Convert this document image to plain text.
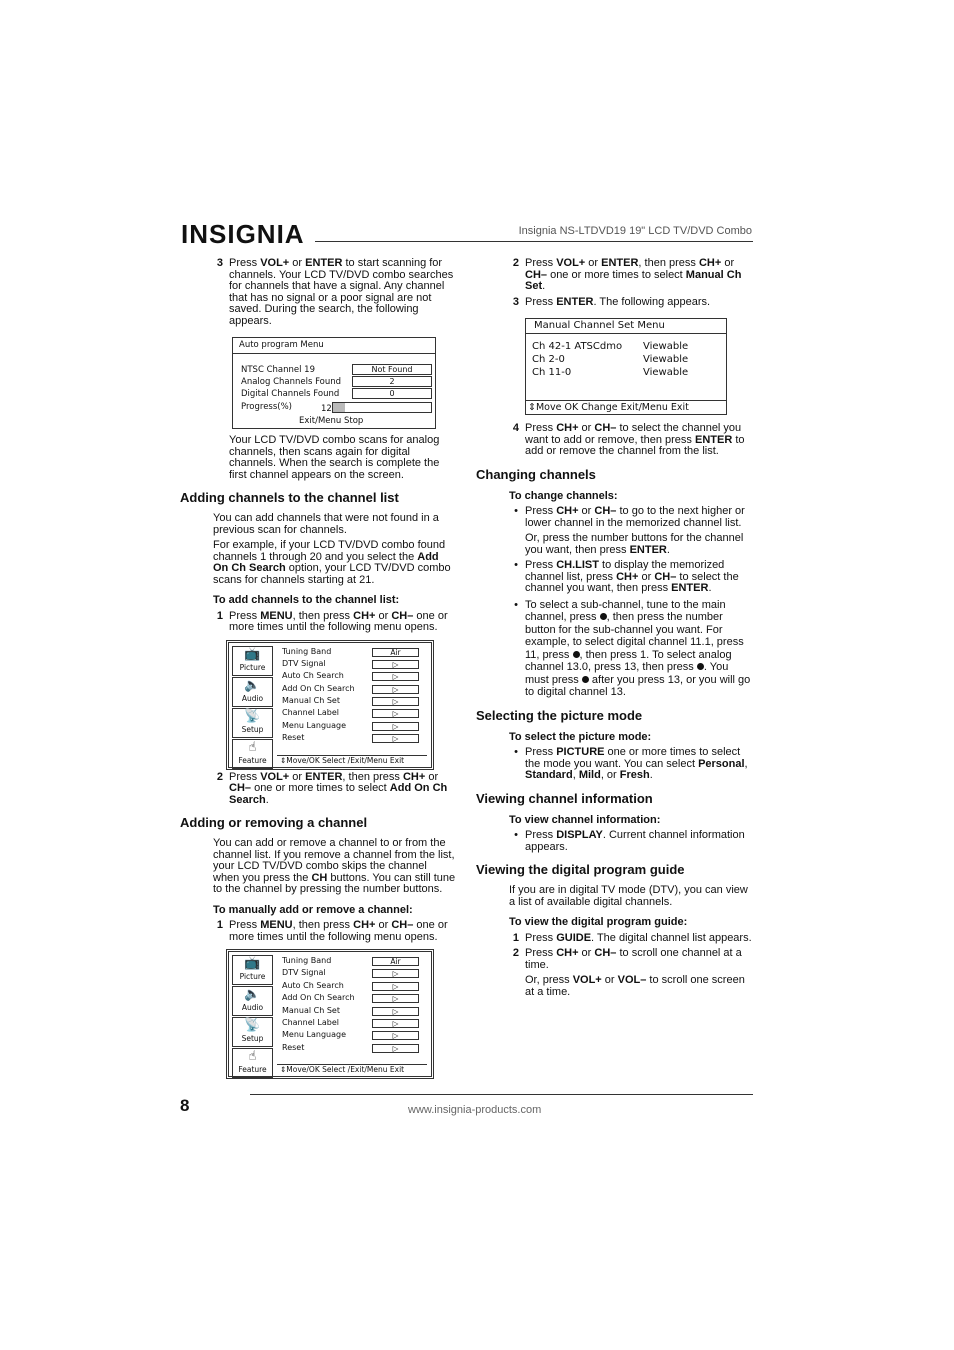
INSIGNIA	Insignia NS-LTDVD19 19" LCD TV/DVD Combo
3 Press VOL+ or ENTER to start scanning for channels. Your LCD TV/DVD combo searches for channels that have a signal. Any channel that has no signal or a poor signal are not saved. During the search, the following appears.
Auto program Menu
NTSC Channel 19	Not Found
Analog Channels Found	2
Digital Channels Found	0
Progress(%)	12
Exit/Menu Stop
Your LCD TV/DVD combo scans for analog channels, then scans again for digital channels. When the search is complete the first channel appears on the screen.
Adding channels to the channel list
You can add channels that were not found in a previous scan for channels.
For example, if your LCD TV/DVD combo found channels 1 through 20 and you select the Add On Ch Search option, your LCD TV/DVD combo scans for channels starting at 21.
To add channels to the channel list:
1 Press MENU, then press CH+ or CH– one or more times until the following menu opens.
📺
Picture
🔈
Audio
📡
Setup
☝
Feature
Tuning Band	Air
DTV Signal	▷
Auto Ch Search	▷
Add On Ch Search	▷
Manual Ch Set	▷
Channel Label	▷
Menu Language	▷
Reset	▷
⇕Move/OK Select /Exit/Menu Exit
2 Press VOL+ or ENTER, then press CH+ or CH– one or more times to select Add On Ch Search.
Adding or removing a channel
You can add or remove a channel to or from the channel list. If you remove a channel from the list, your LCD TV/DVD combo skips the channel when you press the CH buttons. You can still tune to the channel by pressing the number buttons.
To manually add or remove a channel:
1 Press MENU, then press CH+ or CH– one or more times until the following menu opens.
📺
Picture
🔈
Audio
📡
Setup
☝
Feature
Tuning Band	Air
DTV Signal	▷
Auto Ch Search	▷
Add On Ch Search	▷
Manual Ch Set	▷
Channel Label	▷
Menu Language	▷
Reset	▷
⇕Move/OK Select /Exit/Menu Exit
2 Press VOL+ or ENTER, then press CH+ or CH– one or more times to select Manual Ch Set.
3 Press ENTER. The following appears.
Manual Channel Set Menu
Ch 42-1 ATSCdmo Viewable
Ch 2-0	Viewable
Ch 11-0	Viewable
⇕Move OK Change Exit/Menu Exit
4 Press CH+ or CH– to select the channel you want to add or remove, then press ENTER to add or remove the channel from the list.
Changing channels
To change channels:
• Press CH+ or CH– to go to the next higher or lower channel in the memorized channel list.
Or, press the number buttons for the channel you want, then press ENTER.
• Press CH.LIST to display the memorized channel list, press CH+ or CH– to select the channel you want, then press ENTER.
• To select a sub-channel, tune to the main channel, press , then press the number button for the sub-channel you want. For example, to select digital channel 11.1, press 11, press , then press 1. To select analog channel 13.0, press 13, then press . You must press  after you press 13, or you will go to digital channel 13.
Selecting the picture mode
To select the picture mode:
• Press PICTURE one or more times to select the mode you want. You can select Personal, Standard, Mild, or Fresh.
Viewing channel information
To view channel information:
• Press DISPLAY. Current channel information appears.
Viewing the digital program guide
If you are in digital TV mode (DTV), you can view a list of available digital channels.
To view the digital program guide:
1 Press GUIDE. The digital channel list appears.
2 Press CH+ or CH– to scroll one channel at a time.
Or, press VOL+ or VOL– to scroll one screen at a time.
8	www.insignia-products.com
